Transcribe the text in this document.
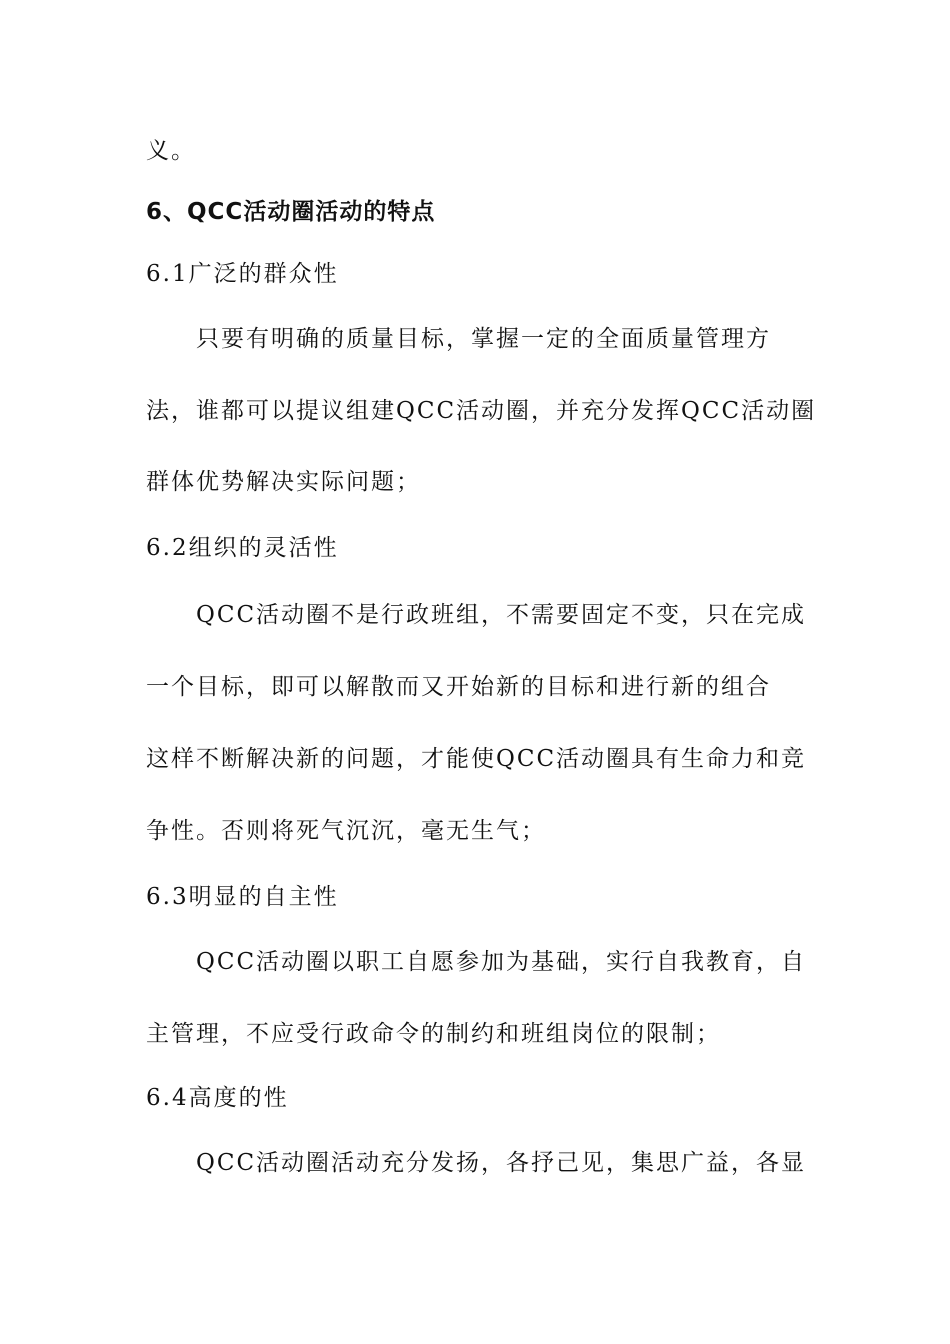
义。
6、QCC活动圈活动的特点
6.1广泛的群众性
只要有明确的质量目标，掌握一定的全面质量管理方
法，谁都可以提议组建QCC活动圈，并充分发挥QCC活动圈
群体优势解决实际问题；
6.2组织的灵活性
QCC活动圈不是行政班组，不需要固定不变，只在完成
一个目标，即可以解散而又开始新的目标和进行新的组合
这样不断解决新的问题，才能使QCC活动圈具有生命力和竞
争性。否则将死气沉沉，毫无生气；
6.3明显的自主性
QCC活动圈以职工自愿参加为基础，实行自我教育，自
主管理，不应受行政命令的制约和班组岗位的限制；
6.4高度的性
QCC活动圈活动充分发扬，各抒己见，集思广益，各显
